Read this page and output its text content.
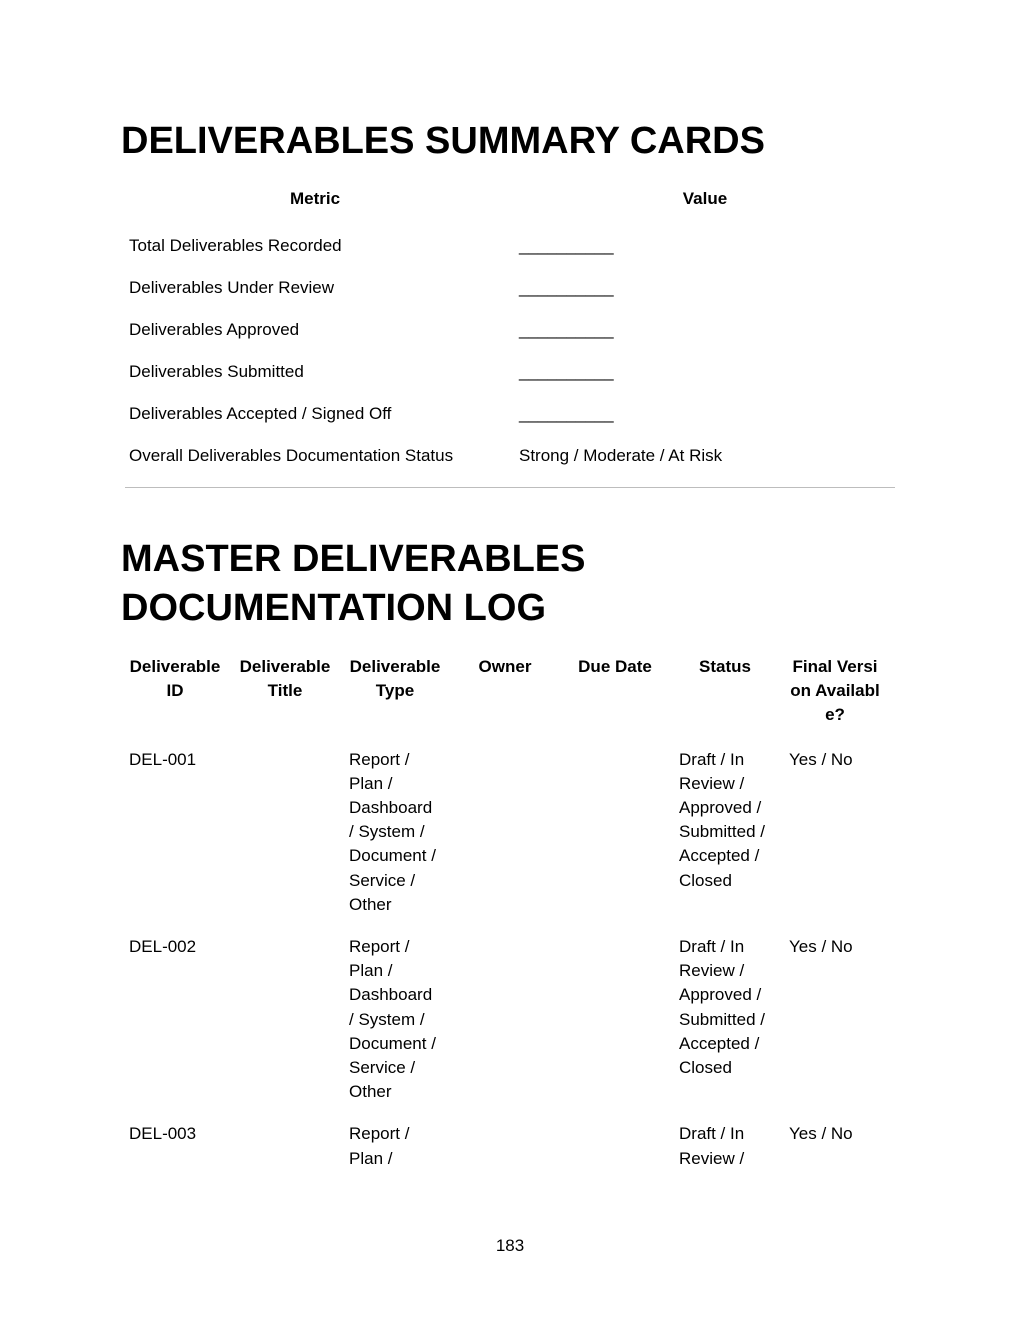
DELIVERABLES SUMMARY CARDS
Metric	Value
Total Deliverables Recorded	__________
Deliverables Under Review	__________
Deliverables Approved	__________
Deliverables Submitted	__________
Deliverables Accepted / Signed Off	__________
Overall Deliverables Documentation Status	Strong / Moderate / At Risk
MASTER DELIVERABLES DOCUMENTATION LOG
Deliverable ID	Deliverable Title	Deliverable Type	Owner	Due Date	Status	Final Version Available?
DEL-001		Report / Plan / Dashboard / System / Document / Service / Other			Draft / In Review / Approved / Submitted / Accepted / Closed	Yes / No
DEL-002		Report / Plan / Dashboard / System / Document / Service / Other			Draft / In Review / Approved / Submitted / Accepted / Closed	Yes / No
DEL-003		Report / Plan /			Draft / In Review /	Yes / No
183
